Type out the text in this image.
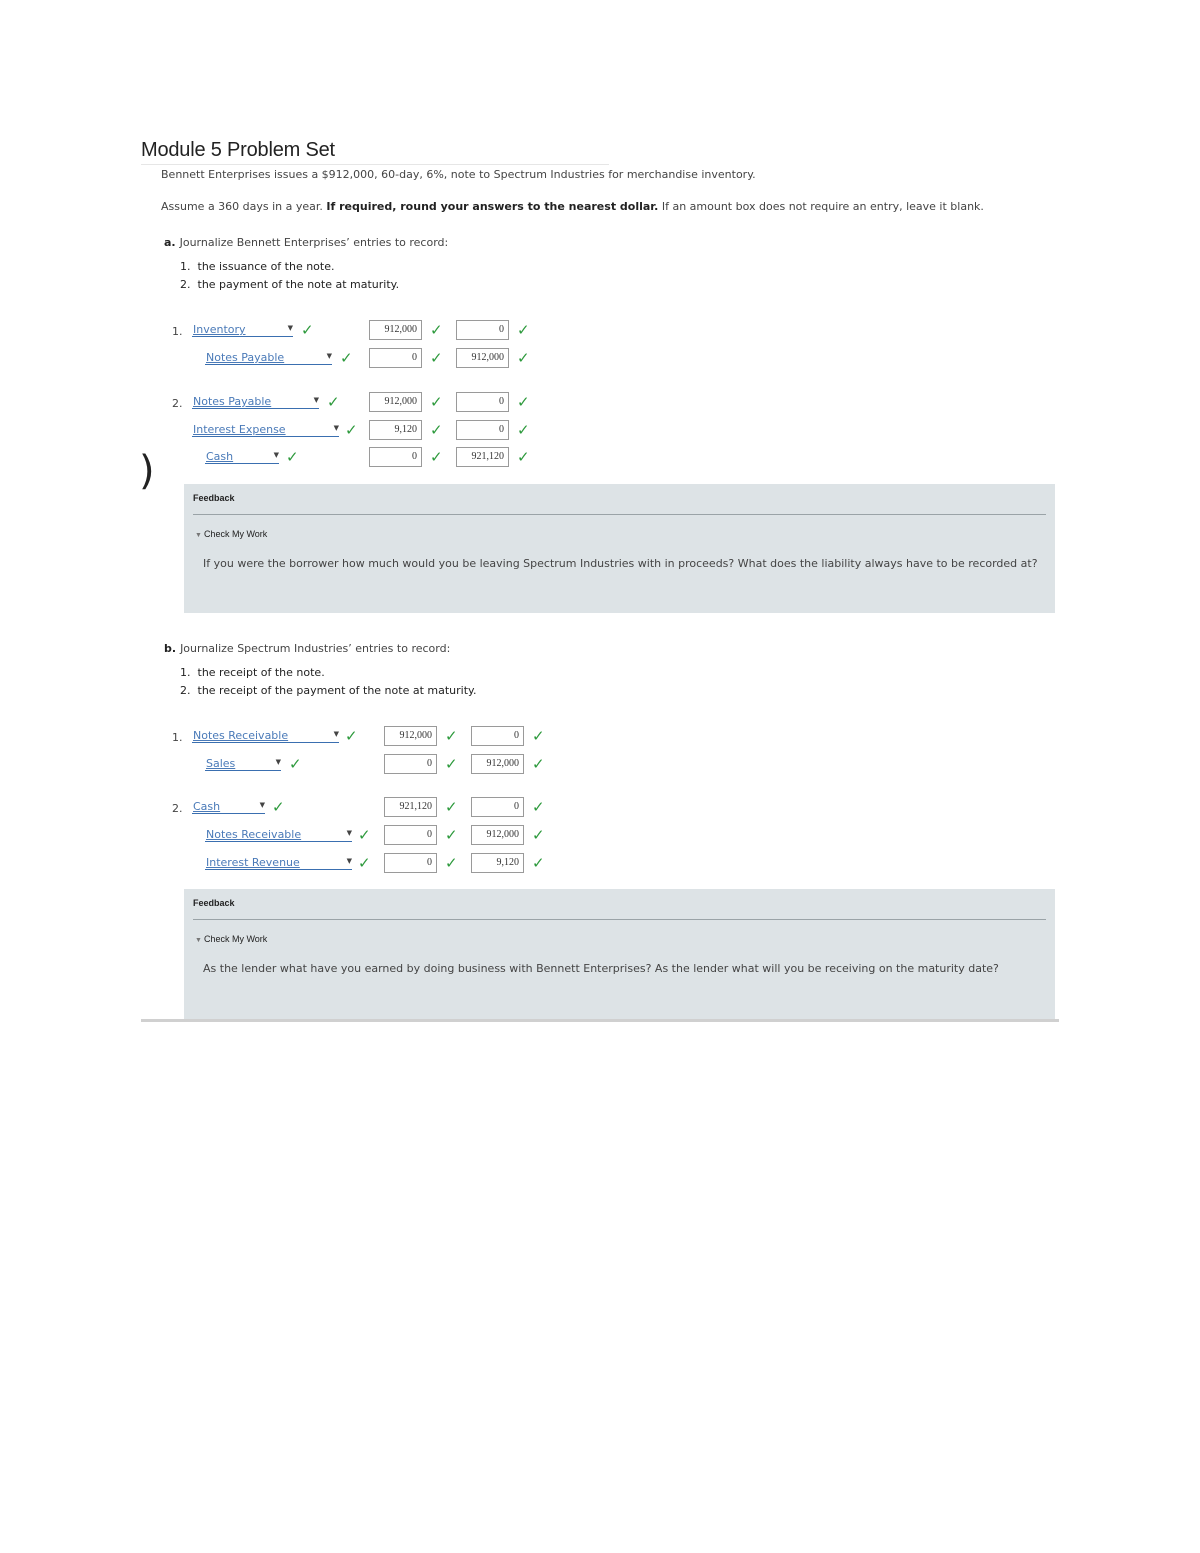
Module 5 Problem Set
Bennett Enterprises issues a $912,000, 60-day, 6%, note to Spectrum Industries for merchandise inventory.
Assume a 360 days in a year. If required, round your answers to the nearest dollar. If an amount box does not require an entry, leave it blank.
a. Journalize Bennett Enterprises’ entries to record:
1.  the issuance of the note.
2.  the payment of the note at maturity.
1. Inventory	▼ ✓	912,000 ✓	0 ✓
Notes Payable	▼ ✓	0 ✓	912,000 ✓
2. Notes Payable	▼ ✓	912,000 ✓	0 ✓
Interest Expense	▼ ✓	9,120 ✓	0 ✓
Cash	▼ ✓	0 ✓	921,120 ✓
)
Feedback
▼ Check My Work
If you were the borrower how much would you be leaving Spectrum Industries with in proceeds? What does the liability always have to be recorded at?
b. Journalize Spectrum Industries’ entries to record:
1.  the receipt of the note.
2.  the receipt of the payment of the note at maturity.
1. Notes Receivable	▼ ✓	912,000 ✓	0 ✓
Sales	▼ ✓	0 ✓	912,000 ✓
2. Cash	▼ ✓	921,120 ✓	0 ✓
Notes Receivable	▼ ✓	0 ✓	912,000 ✓
Interest Revenue	▼ ✓	0 ✓	9,120 ✓
Feedback
▼ Check My Work
As the lender what have you earned by doing business with Bennett Enterprises? As the lender what will you be receiving on the maturity date?
